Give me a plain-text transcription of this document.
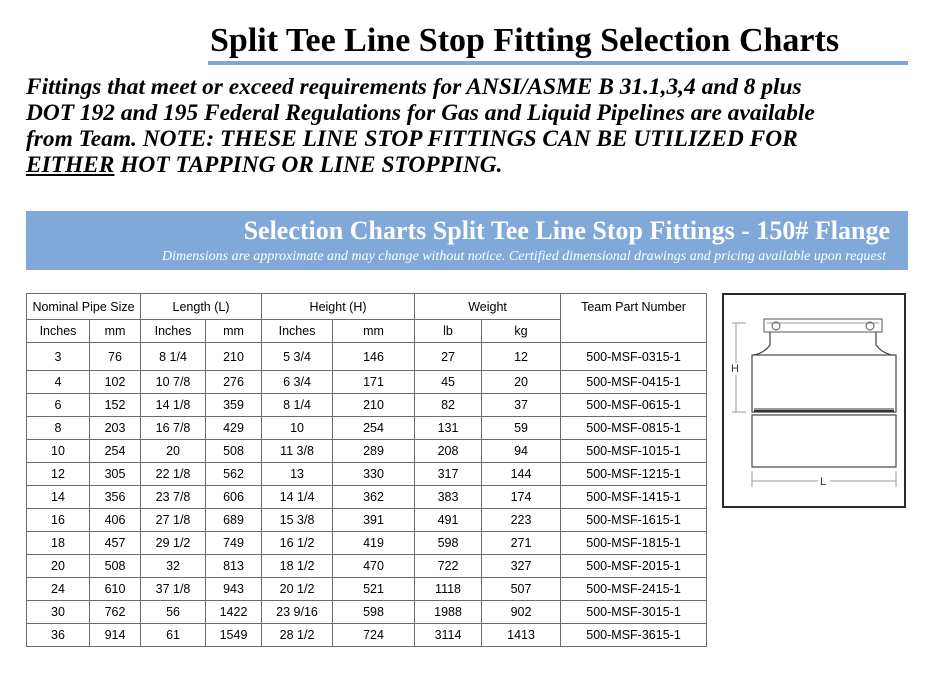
Split Tee Line Stop Fitting Selection Charts
Fittings that meet or exceed requirements for ANSI/ASME B 31.1,3,4 and 8 plus
DOT 192 and 195 Federal Regulations for Gas and Liquid Pipelines are available
from Team. NOTE: THESE LINE STOP FITTINGS CAN BE UTILIZED FOR
EITHER HOT TAPPING OR LINE STOPPING.
Selection Charts Split Tee Line Stop Fittings - 150# Flange
Dimensions are approximate and may change without notice. Certified dimensional drawings and pricing available upon request
Nominal Pipe Size		Length (L)		Height (H)		Weight		Team Part Number
Inches	mm	Inches	mm	Inches	mm	lb	kg	
3	76	8 1/4	210	5 3/4	146	27	12	500-MSF-0315-1
4	102	10 7/8	276	6 3/4	171	45	20	500-MSF-0415-1
6	152	14 1/8	359	8 1/4	210	82	37	500-MSF-0615-1
8	203	16 7/8	429	10	254	131	59	500-MSF-0815-1
10	254	20	508	11 3/8	289	208	94	500-MSF-1015-1
12	305	22 1/8	562	13	330	317	144	500-MSF-1215-1
14	356	23 7/8	606	14 1/4	362	383	174	500-MSF-1415-1
16	406	27 1/8	689	15 3/8	391	491	223	500-MSF-1615-1
18	457	29 1/2	749	16 1/2	419	598	271	500-MSF-1815-1
20	508	32	813	18 1/2	470	722	327	500-MSF-2015-1
24	610	37 1/8	943	20 1/2	521	1118	507	500-MSF-2415-1
30	762	56	1422	23 9/16	598	1988	902	500-MSF-3015-1
36	914	61	1549	28 1/2	724	3114	1413	500-MSF-3615-1
H
L
